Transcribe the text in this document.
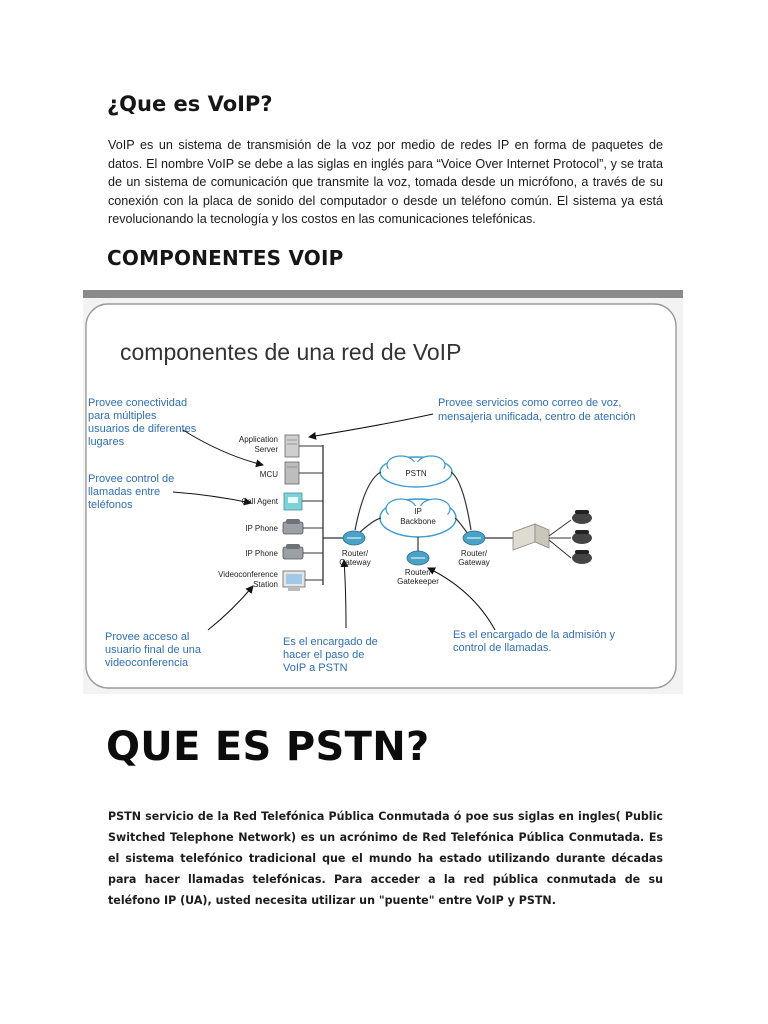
¿Que es VoIP?
VoIP es un sistema de transmisión de la voz por medio de redes IP en forma de paquetes de datos. El nombre VoIP se debe a las siglas en inglés para “Voice Over Internet Protocol”, y se trata de un sistema de comunicación que transmite la voz, tomada desde un micrófono, a través de su conexión con la placa de sonido del computador o desde un teléfono común. El sistema ya está revolucionando la tecnología y los costos en las comunicaciones telefónicas.
COMPONENTES VOIP
componentes de una red de VoIP
Provee conectividad
para múltiples
usuarios de diferentes
lugares
Provee control de
llamadas entre
teléfonos
Provee acceso al
usuario final de una
videoconferencia
Provee servicios como correo de voz,
mensajeria unificada, centro de atención
Es el encargado de
hacer el paso de
VoIP a PSTN
Es el encargado de la admisión y
control de llamadas.
Application
Server
MCU
Call Agent
IP Phone
IP Phone
Videoconference
Station
PSTN
IP
Backbone
Router/
Gateway
Router/
Gateway
Router/
Gatekeeper
QUE ES PSTN?
PSTN servicio de la Red Telefónica Pública Conmutada ó poe sus siglas en ingles( Public Switched Telephone Network) es un acrónimo de Red Telefónica Pública Conmutada. Es el sistema telefónico tradicional que el mundo ha estado utilizando durante décadas para hacer llamadas telefónicas. Para acceder a la red pública conmutada de su teléfono IP (UA), usted necesita utilizar un "puente" entre VoIP y PSTN.
